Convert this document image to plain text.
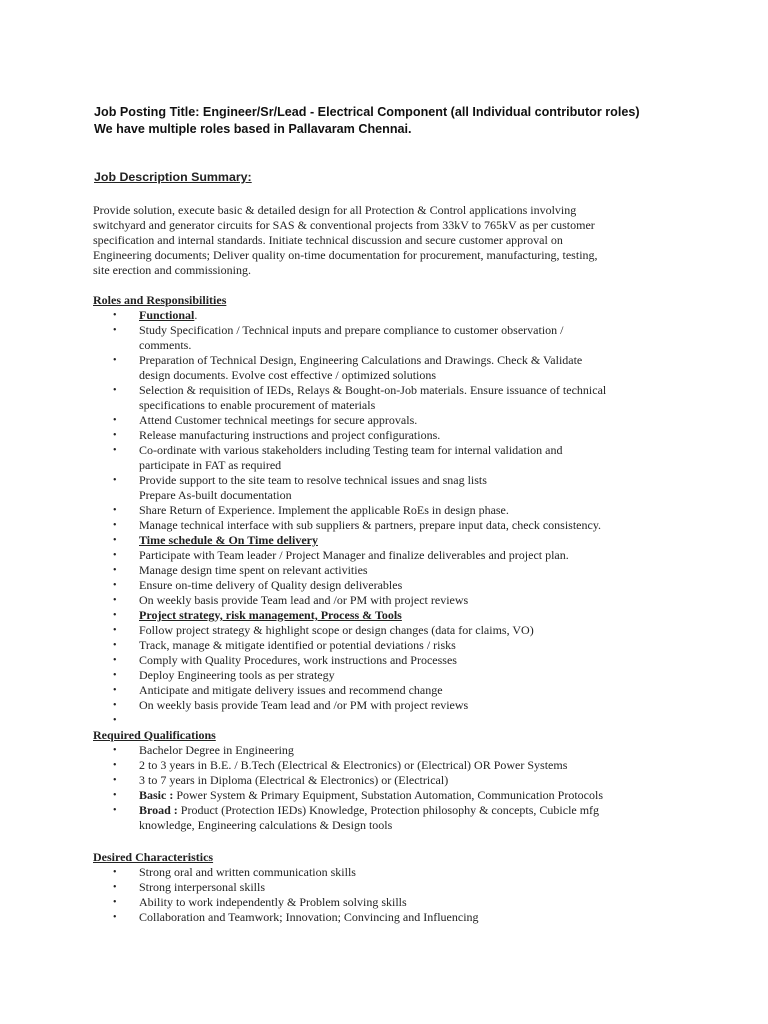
Job Posting Title: Engineer/Sr/Lead - Electrical Component (all Individual contributor roles)
We have multiple roles based in Pallavaram Chennai.
Job Description Summary:

Provide solution, execute basic & detailed design for all Protection & Control applications involving

switchyard and generator circuits for SAS & conventional projects from 33kV to 765kV as per customer

specification and internal standards. Initiate technical discussion and secure customer approval on

Engineering documents; Deliver quality on-time documentation for procurement, manufacturing, testing,

site erection and commissioning.

Roles and Responsibilities

• Functional.
• Study Specification / Technical inputs and prepare compliance to customer observation /
comments.
• Preparation of Technical Design, Engineering Calculations and Drawings. Check & Validate
design documents. Evolve cost effective / optimized solutions
• Selection & requisition of IEDs, Relays & Bought-on-Job materials. Ensure issuance of technical
specifications to enable procurement of materials
• Attend Customer technical meetings for secure approvals.
• Release manufacturing instructions and project configurations.
• Co-ordinate with various stakeholders including Testing team for internal validation and
participate in FAT as required
• Provide support to the site team to resolve technical issues and snag lists
Prepare As-built documentation
• Share Return of Experience. Implement the applicable RoEs in design phase.
• Manage technical interface with sub suppliers & partners, prepare input data, check consistency.
• Time schedule & On Time delivery
• Participate with Team leader / Project Manager and finalize deliverables and project plan.
• Manage design time spent on relevant activities
• Ensure on-time delivery of Quality design deliverables
• On weekly basis provide Team lead and /or PM with project reviews
• Project strategy, risk management, Process & Tools
• Follow project strategy & highlight scope or design changes (data for claims, VO)
• Track, manage & mitigate identified or potential deviations / risks
• Comply with Quality Procedures, work instructions and Processes
• Deploy Engineering tools as per strategy
• Anticipate and mitigate delivery issues and recommend change
• On weekly basis provide Team lead and /or PM with project reviews
•

Required Qualifications

• Bachelor Degree in Engineering
• 2 to 3 years in B.E. / B.Tech (Electrical & Electronics) or (Electrical) OR Power Systems
• 3 to 7 years in Diploma (Electrical & Electronics) or (Electrical)
• Basic : Power System & Primary Equipment, Substation Automation, Communication Protocols
• Broad : Product (Protection IEDs) Knowledge, Protection philosophy & concepts, Cubicle mfg
knowledge, Engineering calculations & Design tools

Desired Characteristics

• Strong oral and written communication skills
• Strong interpersonal skills
• Ability to work independently & Problem solving skills
• Collaboration and Teamwork; Innovation; Convincing and Influencing
